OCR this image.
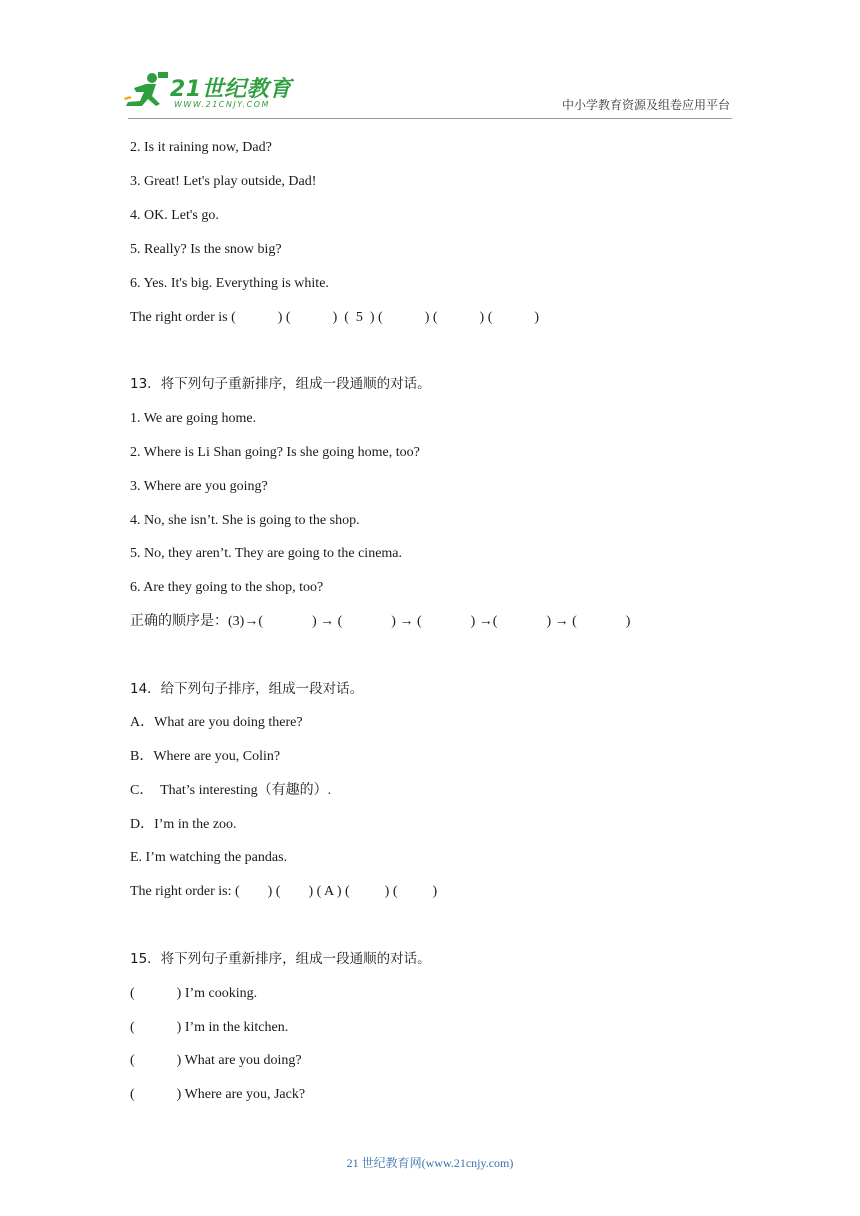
21世纪教育
WWW.21CNJY.COM	中小学教育资源及组卷应用平台
2. Is it raining now, Dad?
3. Great! Let's play outside, Dad!
4. OK. Let's go.
5. Really? Is the snow big?
6. Yes. It's big. Everything is white.
The right order is (            ) (            )  (  5  ) (            ) (            ) (            )
13．将下列句子重新排序，组成一段通顺的对话。
1. We are going home.
2. Where is Li Shan going? Is she going home, too?
3. Where are you going?
4. No, she isn’t. She is going to the shop.
5. No, they aren’t. They are going to the cinema.
6. Are they going to the shop, too?
正确的顺序是：(3)→(              ) → (              ) → (              ) →(              ) → (              )
14．给下列句子排序，组成一段对话。
A．What are you doing there?
B．Where are you, Colin?
C．  That’s interesting（有趣的）.
D．I’m in the zoo.
E. I’m watching the pandas.
The right order is: (        ) (        ) ( A ) (          ) (          )
15．将下列句子重新排序，组成一段通顺的对话。
(            ) I’m cooking.
(            ) I’m in the kitchen.
(            ) What are you doing?
(            ) Where are you, Jack?
21 世纪教育网(www.21cnjy.com)
